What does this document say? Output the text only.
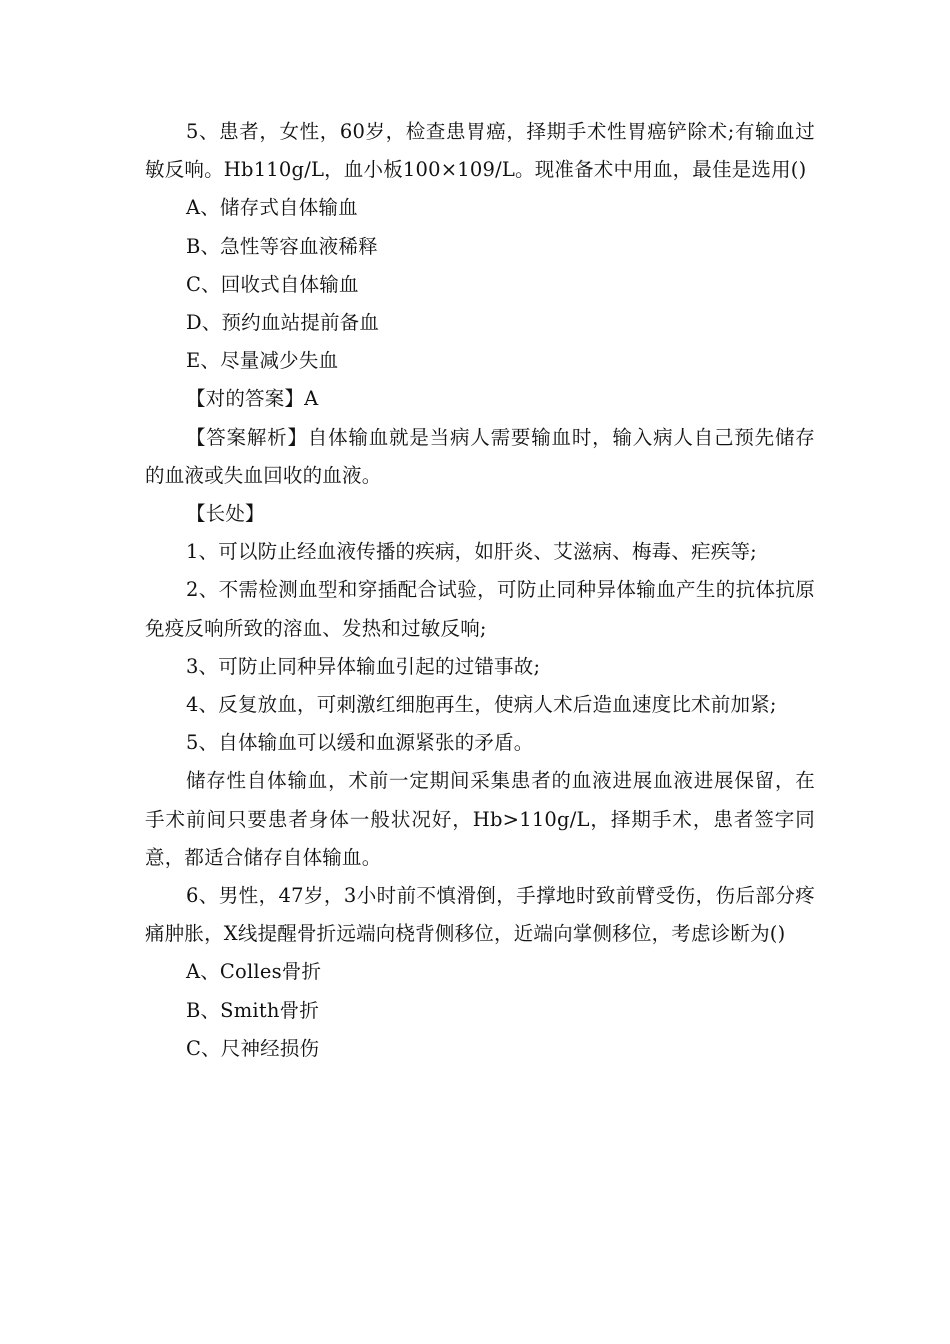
5、患者，女性，60岁，检查患胃癌，择期手术性胃癌铲除术;有输血过敏反响。Hb110g/L，血小板100×109/L。现准备术中用血，最佳是选用()

A、储存式自体输血

B、急性等容血液稀释

C、回收式自体输血

D、预约血站提前备血

E、尽量减少失血

【对的答案】A

【答案解析】自体输血就是当病人需要输血时，输入病人自己预先储存的血液或失血回收的血液。

【长处】

1、可以防止经血液传播的疾病，如肝炎、艾滋病、梅毒、疟疾等;

2、不需检测血型和穿插配合试验，可防止同种异体输血产生的抗体抗原免疫反响所致的溶血、发热和过敏反响;

3、可防止同种异体输血引起的过错事故;

4、反复放血，可刺激红细胞再生，使病人术后造血速度比术前加紧;

5、自体输血可以缓和血源紧张的矛盾。

储存性自体输血，术前一定期间采集患者的血液进展血液进展保留，在手术前间只要患者身体一般状况好，Hb>110g/L，择期手术，患者签字同意，都适合储存自体输血。

6、男性，47岁，3小时前不慎滑倒，手撑地时致前臂受伤，伤后部分疼痛肿胀，X线提醒骨折远端向桡背侧移位，近端向掌侧移位，考虑诊断为()

A、Colles骨折

B、Smith骨折

C、尺神经损伤
